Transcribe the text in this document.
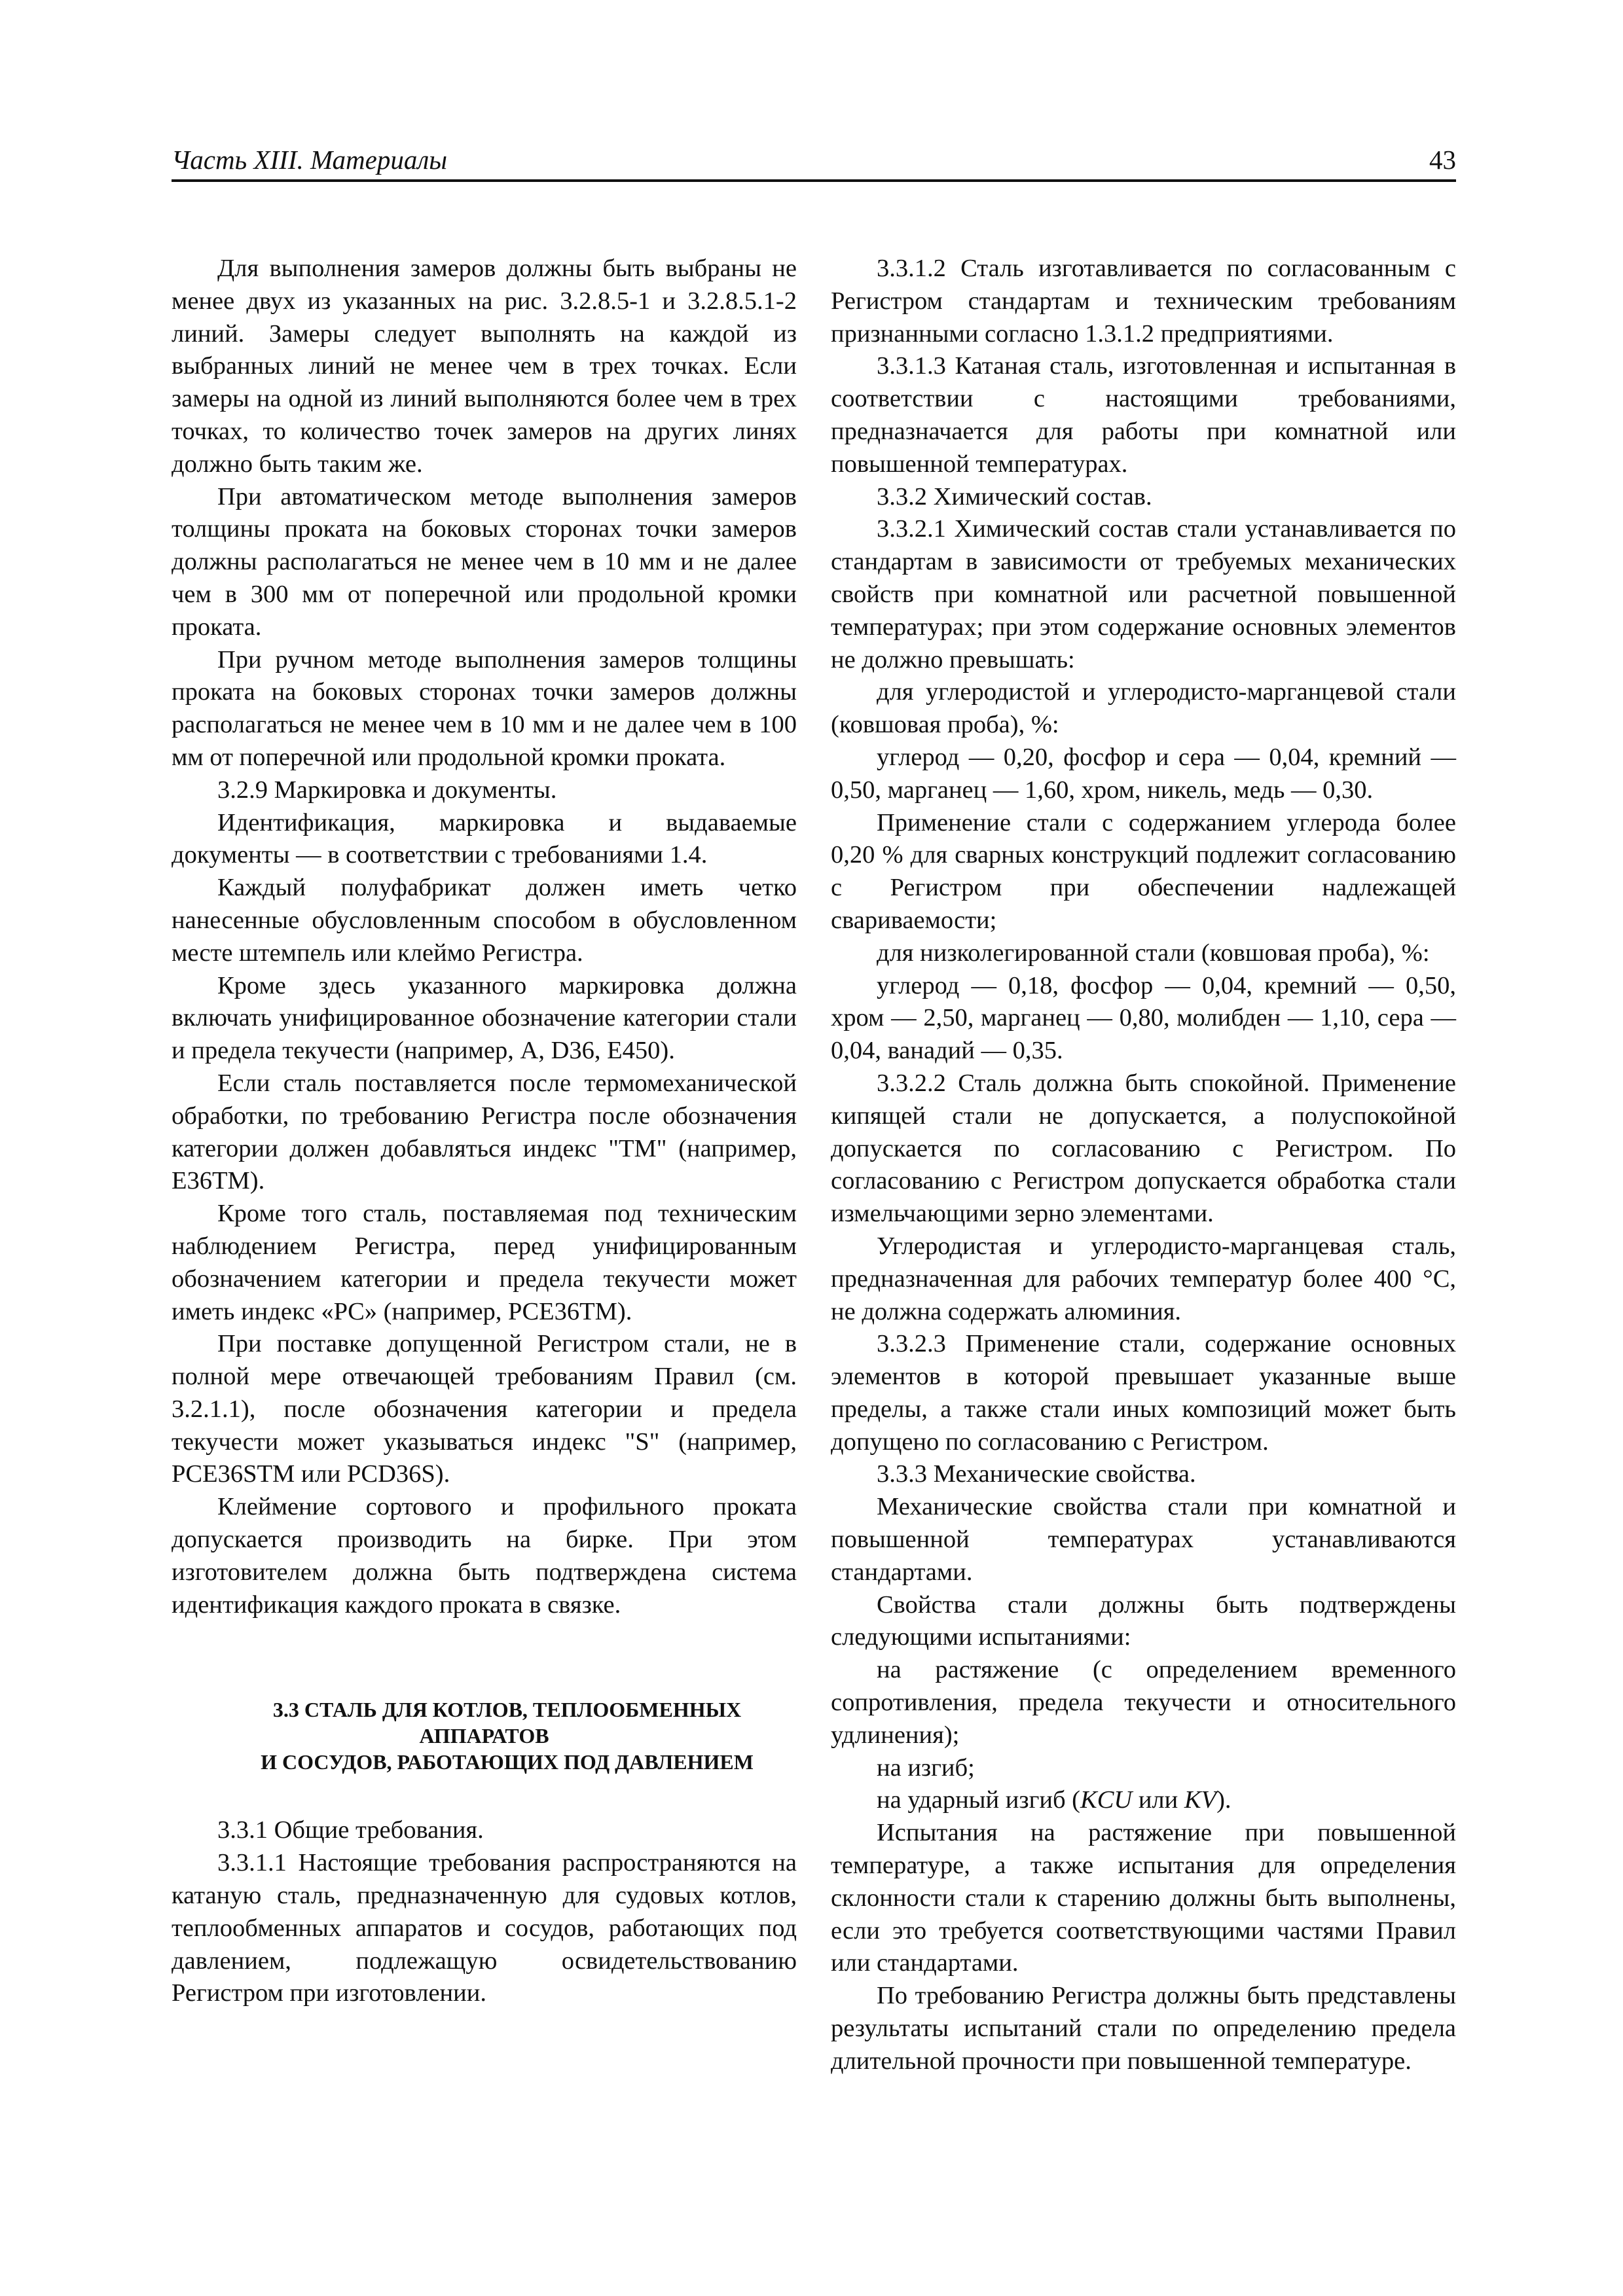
Часть XIII. Материалы	43

Для выполнения замеров должны быть выбраны не менее двух из указанных на рис. 3.2.8.5-1 и 3.2.8.5.1-2 линий. Замеры следует выполнять на каждой из выбранных линий не менее чем в трех точках. Если замеры на одной из линий выполняются более чем в трех точках, то количество точек замеров на других линях должно быть таким же.

При автоматическом методе выполнения замеров толщины проката на боковых сторонах точки замеров должны располагаться не менее чем в 10 мм и не далее чем в 300 мм от поперечной или продольной кромки проката.

При ручном методе выполнения замеров толщины проката на боковых сторонах точки замеров должны располагаться не менее чем в 10 мм и не далее чем в 100 мм от поперечной или продольной кромки проката.

3.2.9 Маркировка и документы.

Идентификация, маркировка и выдаваемые документы — в соответствии с требованиями 1.4.

Каждый полуфабрикат должен иметь четко нанесенные обусловленным способом в обусловленном месте штемпель или клеймо Регистра.

Кроме здесь указанного маркировка должна включать унифицированное обозначение категории стали и предела текучести (например, A, D36, E450).

Если сталь поставляется после термомеханической обработки, по требованию Регистра после обозначения категории должен добавляться индекс "TM" (например, E36TM).

Кроме того сталь, поставляемая под техническим наблюдением Регистра, перед унифицированным обозначением категории и предела текучести может иметь индекс «PC» (например, PCE36TM).

При поставке допущенной Регистром стали, не в полной мере отвечающей требованиям Правил (см. 3.2.1.1), после обозначения категории и предела текучести может указываться индекс "S" (например, PCE36STM или PCD36S).

Клеймение сортового и профильного проката допускается производить на бирке. При этом изготовителем должна быть подтверждена система идентификация каждого проката в связке.

3.3 СТАЛЬ ДЛЯ КОТЛОВ, ТЕПЛООБМЕННЫХ АППАРАТОВ

И СОСУДОВ, РАБОТАЮЩИХ ПОД ДАВЛЕНИЕМ

3.3.1 Общие требования.

3.3.1.1 Настоящие требования распространяются на катаную сталь, предназначенную для судовых котлов, теплообменных аппаратов и сосудов, работающих под давлением, подлежащую освидетельствованию Регистром при изготовлении.

3.3.1.2 Сталь изготавливается по согласованным с Регистром стандартам и техническим требованиям признанными согласно 1.3.1.2 предприятиями.

3.3.1.3 Катаная сталь, изготовленная и испытанная в соответствии с настоящими требованиями, предназначается для работы при комнатной или повышенной температурах.

3.3.2 Химический состав.

3.3.2.1 Химический состав стали устанавливается по стандартам в зависимости от требуемых механических свойств при комнатной или расчетной повышенной температурах; при этом содержание основных элементов не должно превышать:

для углеродистой и углеродисто-марганцевой стали (ковшовая проба), %:

углерод — 0,20, фосфор и сера — 0,04, кремний — 0,50, марганец — 1,60, хром, никель, медь — 0,30.

Применение стали с содержанием углерода более 0,20 % для сварных конструкций подлежит согласованию с Регистром при обеспечении надлежащей свариваемости;

для низколегированной стали (ковшовая проба), %:

углерод — 0,18, фосфор — 0,04, кремний — 0,50, хром — 2,50, марганец — 0,80, молибден — 1,10, сера — 0,04, ванадий — 0,35.

3.3.2.2 Сталь должна быть спокойной. Применение кипящей стали не допускается, а полуспокойной допускается по согласованию с Регистром. По согласованию с Регистром допускается обработка стали измельчающими зерно элементами.

Углеродистая и углеродисто-марганцевая сталь, предназначенная для рабочих температур более 400 °C, не должна содержать алюминия.

3.3.2.3 Применение стали, содержание основных элементов в которой превышает указанные выше пределы, а также стали иных композиций может быть допущено по согласованию с Регистром.

3.3.3 Механические свойства.

Механические свойства стали при комнатной и повышенной температурах устанавливаются стандартами.

Свойства стали должны быть подтверждены следующими испытаниями:

на растяжение (с определением временного сопротивления, предела текучести и относительного удлинения);

на изгиб;

на ударный изгиб (KCU или KV).

Испытания на растяжение при повышенной температуре, а также испытания для определения склонности стали к старению должны быть выполнены, если это требуется соответствующими частями Правил или стандартами.

По требованию Регистра должны быть представлены результаты испытаний стали по определению предела длительной прочности при повышенной температуре.
